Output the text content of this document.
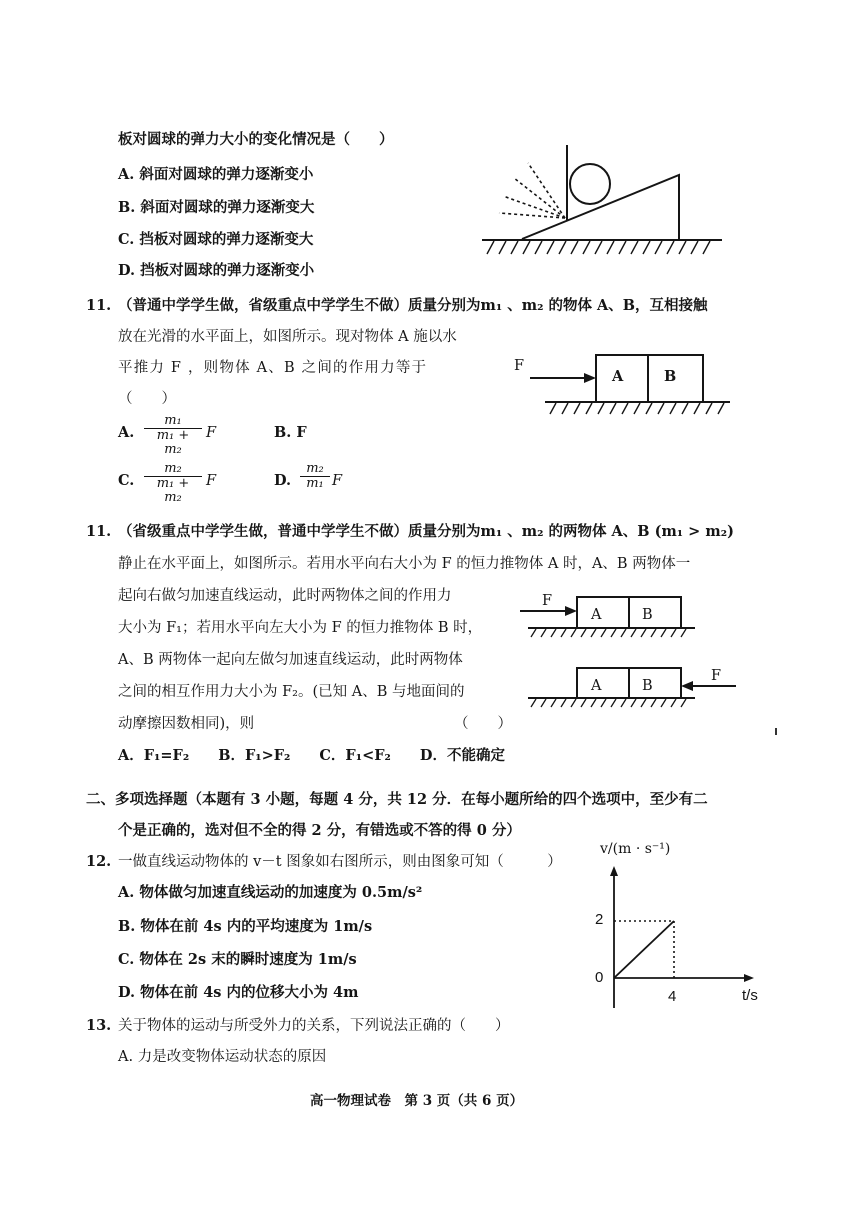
板对圆球的弹力大小的变化情况是（　　）
A. 斜面对圆球的弹力逐渐变小
B. 斜面对圆球的弹力逐渐变大
C. 挡板对圆球的弹力逐渐变大
D. 挡板对圆球的弹力逐渐变小
11. （普通中学学生做，省级重点中学学生不做）质量分别为m₁ 、m₂ 的物体 A、B，互相接触
放在光滑的水平面上，如图所示。现对物体 A 施以水
平推力 F ，则物体 A、B 之间的作用力等于
（　　）
A. $\frac{\text{m₁}}{\text{m₁ + m₂}}$ F	B. F
C. $\frac{\text{m₂}}{\text{m₁ + m₂}}$ F	D. $\frac{\text{m₂}}{\text{m₁}}$ F
F
A	B
11. （省级重点中学学生做，普通中学学生不做）质量分别为m₁ 、m₂ 的两物体 A、B (m₁ > m₂)
静止在水平面上，如图所示。若用水平向右大小为 F 的恒力推物体 A 时，A、B 两物体一
起向右做匀加速直线运动，此时两物体之间的作用力
大小为 F₁；若用水平向左大小为 F 的恒力推物体 B 时，
A、B 两物体一起向左做匀加速直线运动，此时两物体
之间的相互作用力大小为 F₂。(已知 A、B 与地面间的
动摩擦因数相同)，则	（　　）
A．F₁=F₂　　B．F₁>F₂　　C．F₁<F₂　　D．不能确定
F
A	B
F
A	B
二、多项选择题（本题有 3 小题，每题 4 分，共 12 分．在每小题所给的四个选项中，至少有二
个是正确的，选对但不全的得 2 分，有错选或不答的得 0 分）
12. 一做直线运动物体的 v－t 图象如右图所示，则由图象可知（　　　）
A. 物体做匀加速直线运动的加速度为 0.5m/s²
B. 物体在前 4s 内的平均速度为 1m/s
C. 物体在 2s 末的瞬时速度为 1m/s
D. 物体在前 4s 内的位移大小为 4m
v/(m · s⁻¹)
t/s
2
0
4
13. 关于物体的运动与所受外力的关系，下列说法正确的（　　）
A. 力是改变物体运动状态的原因
高一物理试卷　第 3 页（共 6 页）
